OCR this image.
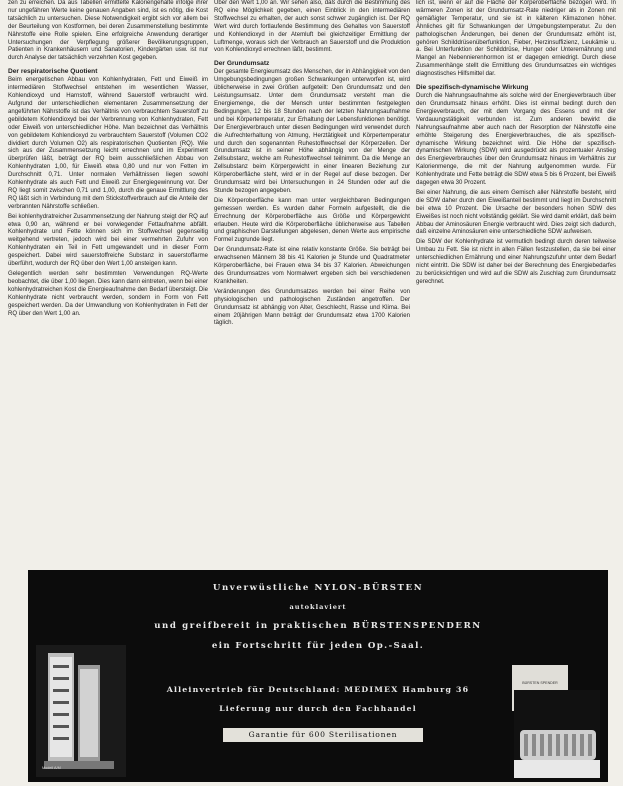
zen zu erreichen. Da aus Tabellen ermittelte Kaloriengehalte infolge ihrer nur ungefähren Werte keine genauen Angaben sind, ist es nötig, die Kost tatsächlich zu untersuchen. Diese Notwendigkeit ergibt sich vor allem bei der Beurteilung von Kostformen, bei deren Zusammenstellung bestimmte Nährstoffe eine Rolle spielen. Eine erfolgreiche Anwendung derartiger Untersuchungen der Verpflegung größerer Bevölkerungsgruppen, Patienten in Krankenhäusern und Sanatorien, Kindergärten usw. ist nur durch Analyse der tatsächlich verzehrten Kost gegeben.

Der respiratorische Quotient

Beim energetischen Abbau von Kohlenhydraten, Fett und Eiweiß im intermediären Stoffwechsel entstehen im wesentlichen Wasser, Kohlendioxyd und Harnstoff, während Sauerstoff verbraucht wird. Aufgrund der unterschiedlichen elementaren Zusammensetzung der angeführten Nährstoffe ist das Verhältnis von verbrauchtem Sauerstoff zu gebildetem Kohlendioxyd bei der Verbrennung von Kohlenhydraten, Fett oder Eiweiß von unterschiedlicher Höhe. Man bezeichnet das Verhältnis von gebildetem Kohlendioxyd zu verbrauchtem Sauerstoff (Volumen CO2 dividiert durch Volumen O2) als respiratorischen Quotienten (RQ). Wie sich aus der Zusammensetzung leicht errechnen und im Experiment überprüfen läßt, beträgt der RQ beim ausschließlichen Abbau von Kohlenhydraten 1,00, für Eiweiß etwa 0,80 und nur von Fetten im Durchschnitt 0,71. Unter normalen Verhältnissen liegen sowohl Kohlenhydrate als auch Fett und Eiweiß zur Energiegewinnung vor. Der RQ liegt somit zwischen 0,71 und 1,00, durch die genaue Ermittlung des RQ läßt sich in Verbindung mit dem Stickstoffverbrauch auf die Anteile der verbrannten Nährstoffe schließen.

Bei kohlenhydratreicher Zusammensetzung der Nahrung steigt der RQ auf etwa 0,90 an, während er bei vorwiegender Fettaufnahme abfällt. Kohlenhydrate und Fette können sich im Stoffwechsel gegenseitig weitgehend vertreten, jedoch wird bei einer vermehrten Zufuhr von Kohlenhydraten ein Teil in Fett umgewandelt und in dieser Form gespeichert. Dabei wird sauerstoffreiche Substanz in sauerstoffarme überführt, wodurch der RQ über den Wert 1,00 ansteigen kann.

Gelegentlich werden sehr bestimmten Verwendungen RQ-Werte beobachtet, die über 1,00 liegen. Dies kann dann eintreten, wenn bei einer kohlenhydratreichen Kost die Energieaufnahme den Bedarf übersteigt. Die Kohlenhydrate nicht verbraucht werden, sondern in Form von Fett gespeichert werden. Da der Umwandlung von Kohlenhydraten in Fett der RQ über den Wert 1,00 an.

Über den Wert 1,00 an. Wir sehen also, daß durch die Bestimmung des RQ eine Möglichkeit gegeben, einen Einblick in den intermediären Stoffwechsel zu erhalten, der auch sonst schwer zugänglich ist. Der RQ Wert wird durch fortlaufende Bestimmung des Gehaltes von Sauerstoff und Kohlendioxyd in der Atemluft bei gleichzeitiger Ermittlung der Luftmenge, woraus sich der Verbrauch an Sauerstoff und die Produktion von Kohlendioxyd errechnen läßt, bestimmt.

Der Grundumsatz

Der gesamte Energieumsatz des Menschen, der in Abhängigkeit von den Umgebungsbedingungen großen Schwankungen unterworfen ist, wird üblicherweise in zwei Größen aufgeteilt: Den Grundumsatz und den Leistungsumsatz. Unter dem Grundumsatz versteht man die Energiemenge, die der Mensch unter bestimmten festgelegten Bedingungen, 12 bis 18 Stunden nach der letzten Nahrungsaufnahme und bei Körpertemperatur, zur Erhaltung der Lebensfunktionen benötigt. Der Energieverbrauch unter diesen Bedingungen wird verwendet durch die Aufrechterhaltung von Atmung, Herztätigkeit und Körpertemperatur und durch den sogenannten Ruhestoffwechsel der Körperzellen. Der Grundumsatz ist in seiner Höhe abhängig von der Menge der Zellsubstanz, welche am Ruhestoffwechsel teilnimmt. Da die Menge an Zellsubstanz beim Körpergewicht in einer linearen Beziehung zur Körperoberfläche steht, wird er in der Regel auf diese bezogen. Der Grundumsatz wird bei Untersuchungen in 24 Stunden oder auf die Stunde bezogen angegeben.

Die Körperoberfläche kann man unter vergleichbaren Bedingungen gemessen werden. Es wurden daher Formeln aufgestellt, die die Errechnung der Körperoberfläche aus Größe und Körpergewicht erlauben. Heute wird die Körperoberfläche üblicherweise aus Tabellen und graphischen Darstellungen abgelesen, denen Werte aus empirische Formel zugrunde liegt.

Der Grundumsatz-Rate ist eine relativ konstante Größe. Sie beträgt bei erwachsenen Männern 38 bis 41 Kalorien je Stunde und Quadratmeter Körperoberfläche, bei Frauen etwa 34 bis 37 Kalorien. Abweichungen des Grundumsatzes vom Normalwert ergeben sich bei verschiedenen Krankheiten.

Veränderungen des Grundumsatzes werden bei einer Reihe von physiologischen und pathologischen Zuständen angetroffen. Der Grundumsatz ist abhängig von Alter, Geschlecht, Rasse und Klima. Bei einem 20jährigen Mann beträgt der Grundumsatz etwa 1700 Kalorien täglich.

lich ist, wenn er auf die Fläche der Körperoberfläche bezogen wird. In wärmeren Zonen ist der Grundumsatz-Rate niedriger als in Zonen mit gemäßigter Temperatur, und sie ist in kälteren Klimazonen höher. Ähnliches gilt für Schwankungen der Umgebungstemperatur. Zu den pathologischen Änderungen, bei denen der Grundumsatz erhöht ist, gehören Schilddrüsenüberfunktion, Fieber, Herzinsuffizienz, Leukämie u. a. Bei Unterfunktion der Schilddrüse, Hunger oder Unterernährung und Mangel an Nebennierenhormon ist er dagegen erniedrigt. Durch diese Zusammenhänge stellt die Ermittlung des Grundumsatzes ein wichtiges diagnostisches Hilfsmittel dar.

Die spezifisch-dynamische Wirkung

Durch die Nahrungsaufnahme als solche wird der Energieverbrauch über den Grundumsatz hinaus erhöht. Dies ist einmal bedingt durch den Energieverbrauch, der mit dem Vorgang des Essens und mit der Verdauungstätigkeit verbunden ist. Zum anderen bewirkt die Nahrungsaufnahme aber auch nach der Resorption der Nährstoffe eine erhöhte Steigerung des Energieverbrauches, die als spezifisch-dynamische Wirkung bezeichnet wird. Die Höhe der spezifisch-dynamischen Wirkung (SDW) wird ausgedrückt als prozentualer Anstieg des Energieverbrauches über den Grundumsatz hinaus im Verhältnis zur Kalorienmenge, die mit der Nahrung aufgenommen wurde. Für Kohlenhydrate und Fette beträgt die SDW etwa 5 bis 6 Prozent, bei Eiweiß dagegen etwa 30 Prozent.

Bei einer Nahrung, die aus einem Gemisch aller Nährstoffe besteht, wird die SDW daher durch den Eiweißanteil bestimmt und liegt im Durchschnitt bei etwa 10 Prozent. Die Ursache der besonders hohen SDW des Eiweißes ist noch nicht vollständig geklärt. Sie wird damit erklärt, daß beim Abbau der Aminosäuren Energie verbraucht wird. Dies zeigt sich dadurch, daß einzelne Aminosäuren eine unterschiedliche SDW aufweisen.

Die SDW der Kohlenhydrate ist vermutlich bedingt durch deren teilweise Umbau zu Fett. Sie ist nicht in allen Fällen festzustellen, da sie bei einer unterschiedlichen Ernährung und einer Nahrungszufuhr unter dem Bedarf nicht eintritt. Die SDW ist daher bei der Berechnung des Energiebedarfes zu berücksichtigen und wird auf die SDW als Zuschlag zum Grundumsatz gerechnet.

Unverwüstliche NYLON-BÜRSTEN
autoklaviert
und greifbereit in praktischen BÜRSTENSPENDERN
ein Fortschritt für jeden Op.-Saal.
Alleinvertrieb für Deutschland: MEDIMEX Hamburg 36
Lieferung nur durch den Fachhandel
Garantie für 600 Sterilisationen
Modell A/M
BÜRSTEN SPENDER
